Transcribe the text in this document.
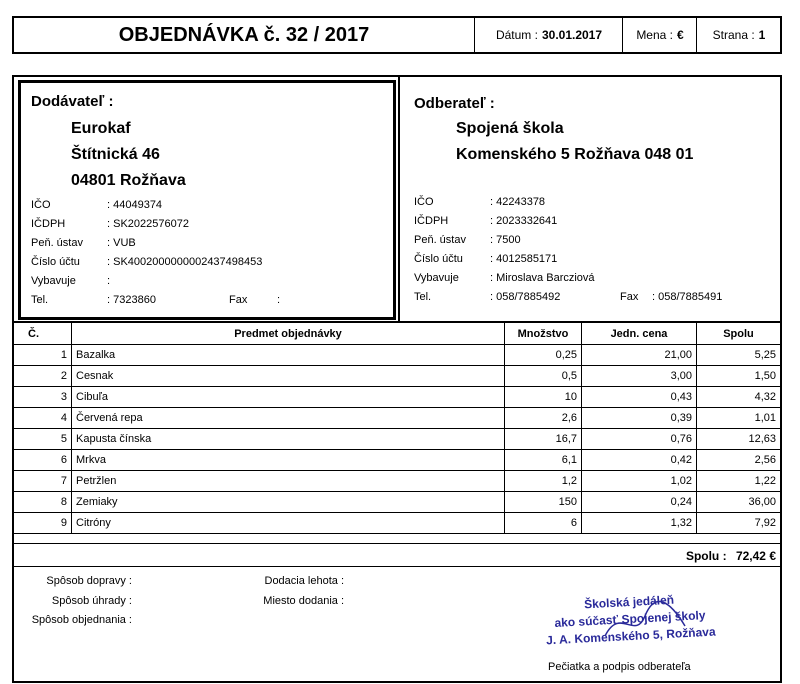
OBJEDNÁVKA č. 32 / 2017	Dátum : 30.01.2017	Mena : € Strana : 1
Dodávateľ :
Eurokaf
Štítnická 46
04801 Rožňava
IČO	: 44049374
IČDPH	: SK2022576072
Peň. ústav	: VUB
Číslo účtu	: SK4002000000002437498453
Vybavuje	:
Tel.	: 7323860	Fax	:
Odberateľ :
Spojená škola
Komenského 5 Rožňava 048 01
IČO	: 42243378
IČDPH	: 2023332641
Peň. ústav	: 7500
Číslo účtu	: 4012585171
Vybavuje	: Miroslava Barcziová
Tel.	: 058/7885492	Fax	: 058/7885491
Č.	Predmet objednávky	Množstvo	Jedn. cena	Spolu
1	Bazalka	0,25	21,00	5,25
2	Cesnak	0,5	3,00	1,50
3	Cibuľa	10	0,43	4,32
4	Červená repa	2,6	0,39	1,01
5	Kapusta čínska	16,7	0,76	12,63
6	Mrkva	6,1	0,42	2,56
7	Petržlen	1,2	1,02	1,22
8	Zemiaky	150	0,24	36,00
9	Citróny	6	1,32	7,92
Spolu : 72,42 €
Spôsob dopravy :
Spôsob úhrady :
Spôsob objednania :
Dodacia lehota :
Miesto dodania :	Školská jedáleň
ako súčasť Spojenej školy
J. A. Komenského 5, Rožňava
Pečiatka a podpis odberateľa
